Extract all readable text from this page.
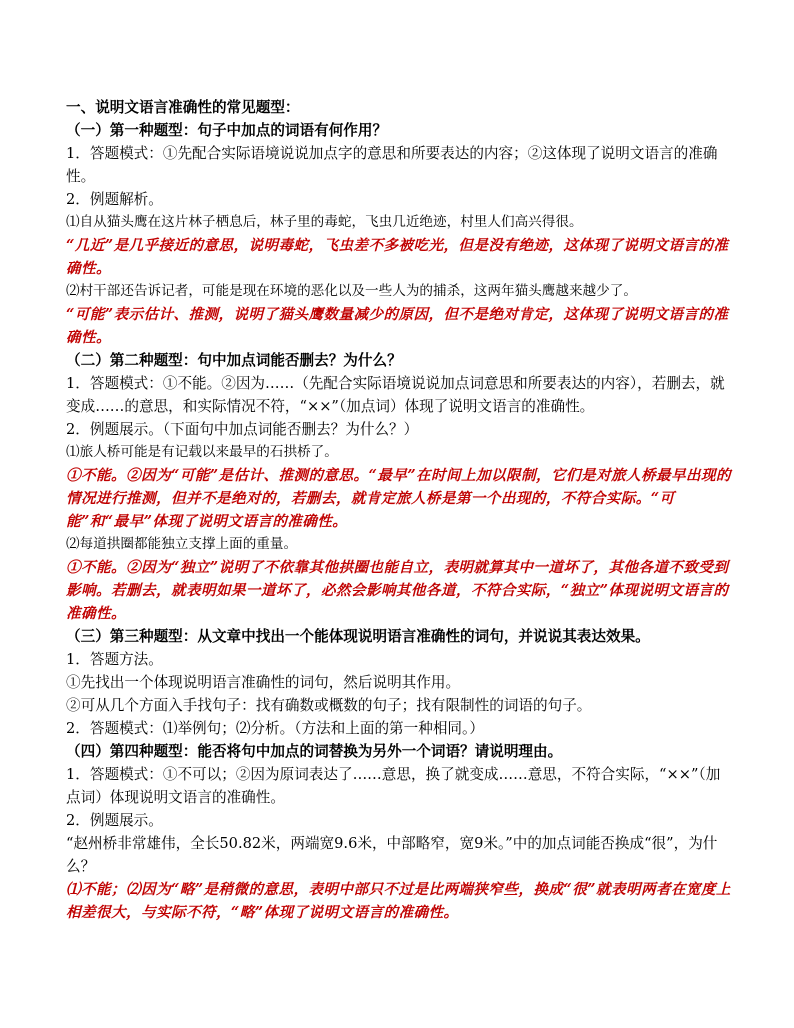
一、说明文语言准确性的常见题型：

（一）第一种题型：句子中加点的词语有何作用？

1．答题模式：①先配合实际语境说说加点字的意思和所要表达的内容；②这体现了说明文语言的准确性。

2．例题解析。

⑴自从猫头鹰在这片林子栖息后，林子里的毒蛇，飞虫几近绝迹，村里人们高兴得很。

“几近”是几乎接近的意思，说明毒蛇，飞虫差不多被吃光，但是没有绝迹，这体现了说明文语言的准确性。

⑵村干部还告诉记者，可能是现在环境的恶化以及一些人为的捕杀，这两年猫头鹰越来越少了。

“可能”表示估计、推测，说明了猫头鹰数量减少的原因，但不是绝对肯定，这体现了说明文语言的准确性。

（二）第二种题型：句中加点词能否删去？为什么？

1．答题模式：①不能。②因为……（先配合实际语境说说加点词意思和所要表达的内容），若删去，就变成……的意思，和实际情况不符，“××”（加点词）体现了说明文语言的准确性。

2．例题展示。（下面句中加点词能否删去？为什么？）

⑴旅人桥可能是有记载以来最早的石拱桥了。

①不能。②因为“可能”是估计、推测的意思。“最早”在时间上加以限制，它们是对旅人桥最早出现的情况进行推测，但并不是绝对的，若删去，就肯定旅人桥是第一个出现的，不符合实际。“可能”和“最早”体现了说明文语言的准确性。

⑵每道拱圈都能独立支撑上面的重量。

①不能。②因为“独立”说明了不依靠其他拱圈也能自立，表明就算其中一道坏了，其他各道不致受到影响。若删去，就表明如果一道坏了，必然会影响其他各道，不符合实际，“独立”体现说明文语言的准确性。

（三）第三种题型：从文章中找出一个能体现说明语言准确性的词句，并说说其表达效果。

1．答题方法。

①先找出一个体现说明语言准确性的词句，然后说明其作用。

②可从几个方面入手找句子：找有确数或概数的句子；找有限制性的词语的句子。

2．答题模式：⑴举例句；⑵分析。（方法和上面的第一种相同。）

（四）第四种题型：能否将句中加点的词替换为另外一个词语？请说明理由。

1．答题模式：①不可以；②因为原词表达了……意思，换了就变成……意思，不符合实际，“××”（加点词）体现说明文语言的准确性。

2．例题展示。

“赵州桥非常雄伟，全长50.82米，两端宽9.6米，中部略窄，宽9米。”中的加点词能否换成“很”，为什么？

⑴不能；⑵因为“略”是稍微的意思，表明中部只不过是比两端狭窄些，换成“很”就表明两者在宽度上相差很大，与实际不符，“略”体现了说明文语言的准确性。
